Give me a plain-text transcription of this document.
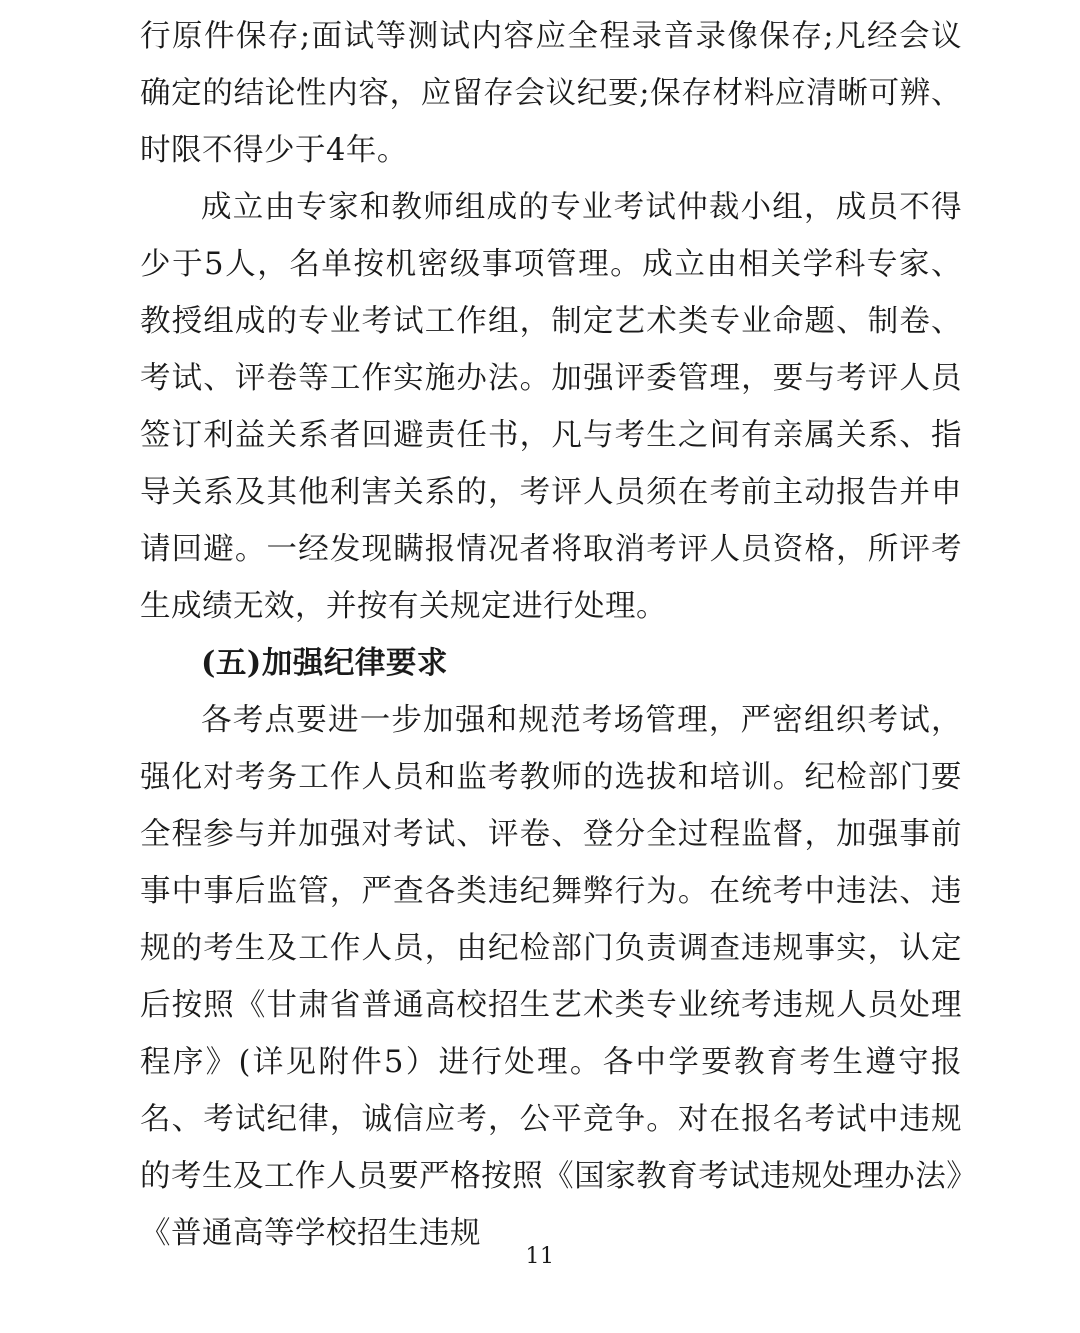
行原件保存;面试等测试内容应全程录音录像保存;凡经会议确定的结论性内容，应留存会议纪要;保存材料应清晰可辨、时限不得少于4年。

成立由专家和教师组成的专业考试仲裁小组，成员不得少于5人，名单按机密级事项管理。成立由相关学科专家、教授组成的专业考试工作组，制定艺术类专业命题、制卷、考试、评卷等工作实施办法。加强评委管理，要与考评人员签订利益关系者回避责任书，凡与考生之间有亲属关系、指导关系及其他利害关系的，考评人员须在考前主动报告并申请回避。一经发现瞒报情况者将取消考评人员资格，所评考生成绩无效，并按有关规定进行处理。

(五)加强纪律要求

各考点要进一步加强和规范考场管理，严密组织考试，强化对考务工作人员和监考教师的选拔和培训。纪检部门要全程参与并加强对考试、评卷、登分全过程监督，加强事前事中事后监管，严查各类违纪舞弊行为。在统考中违法、违规的考生及工作人员，由纪检部门负责调查违规事实，认定后按照《甘肃省普通高校招生艺术类专业统考违规人员处理程序》(详见附件5）进行处理。各中学要教育考生遵守报名、考试纪律，诚信应考，公平竞争。对在报名考试中违规的考生及工作人员要严格按照《国家教育考试违规处理办法》《普通高等学校招生违规

11
